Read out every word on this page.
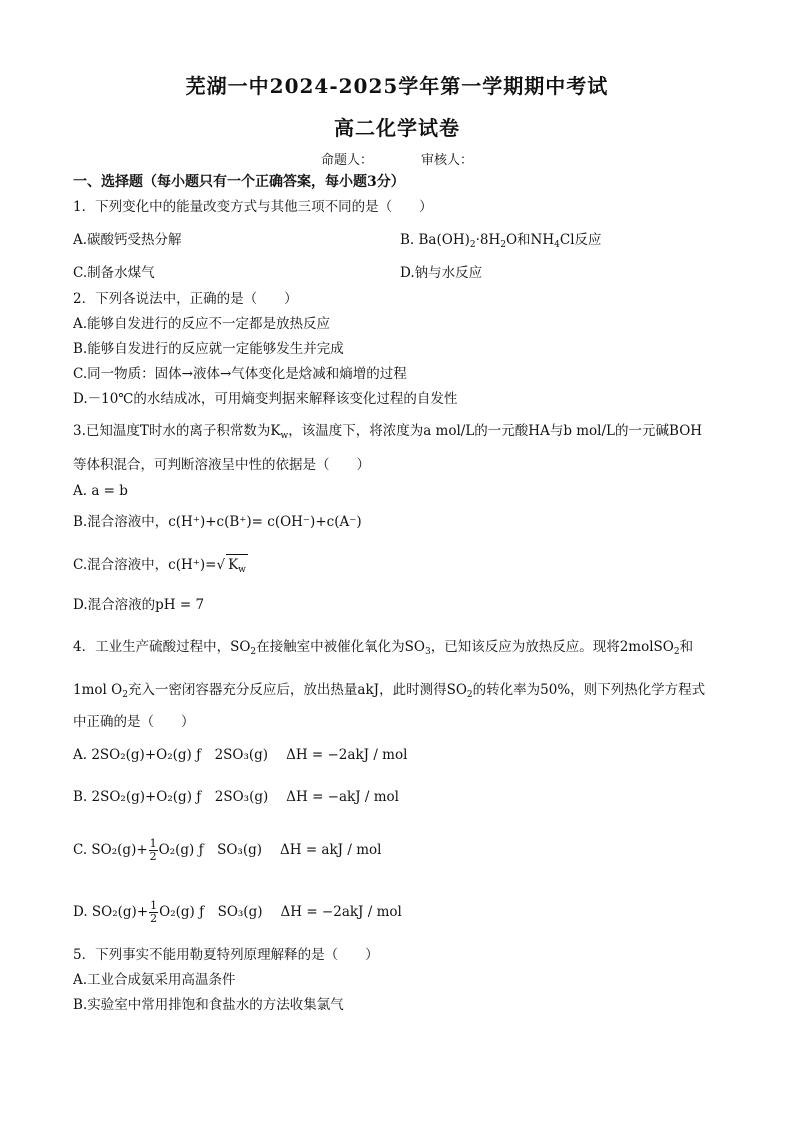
芜湖一中2024-2025学年第一学期期中考试
高二化学试卷
命题人：	审核人：
一、选择题（每小题只有一个正确答案，每小题3分）
1．下列变化中的能量改变方式与其他三项不同的是（　　）
A.碳酸钙受热分解	B. $Ba(OH)_2\cdot 8H_2O$和$NH_4Cl$反应
C.制备水煤气	D.钠与水反应
2．下列各说法中，正确的是（　　）
A.能够自发进行的反应不一定都是放热反应
B.能够自发进行的反应就一定能够发生并完成
C.同一物质：固体→液体→气体变化是焓减和熵增的过程
D.－10℃的水结成冰，可用熵变判据来解释该变化过程的自发性
3.已知温度T时水的离子积常数为$K_w$，该温度下，将浓度为a mol/L的一元酸HA与b mol/L的一元碱BOH
等体积混合，可判断溶液呈中性的依据是（　　）
A. a = b
B.混合溶液中，c(H⁺)+c(B⁺)= c(OH⁻)+c(A⁻)
C.混合溶液中，c(H⁺)=√ $K_w$
D.混合溶液的pH = 7
4．工业生产硫酸过程中，$SO_2$在接触室中被催化氧化为$SO_3$，已知该反应为放热反应。现将2molSO$_2$和
1mol $O_2$充入一密闭容器充分反应后，放出热量akJ，此时测得$SO_2$的转化率为50%，则下列热化学方程式
中正确的是（　　）
A. 2SO₂(g)+O₂(g) ƒ　2SO₃(g) ΔH = −2akJ / mol
B. 2SO₂(g)+O₂(g) ƒ　2SO₃(g) ΔH = −akJ / mol
C. $SO_2(g)+ \frac{1}{2} O_2(g)$ ƒ　SO₃(g) ΔH = akJ / mol
D. $SO_2(g)+ \frac{1}{2} O_2(g)$ ƒ　SO₃(g) ΔH = −2akJ / mol
5．下列事实不能用勒夏特列原理解释的是（　　）
A.工业合成氨采用高温条件
B.实验室中常用排饱和食盐水的方法收集氯气
